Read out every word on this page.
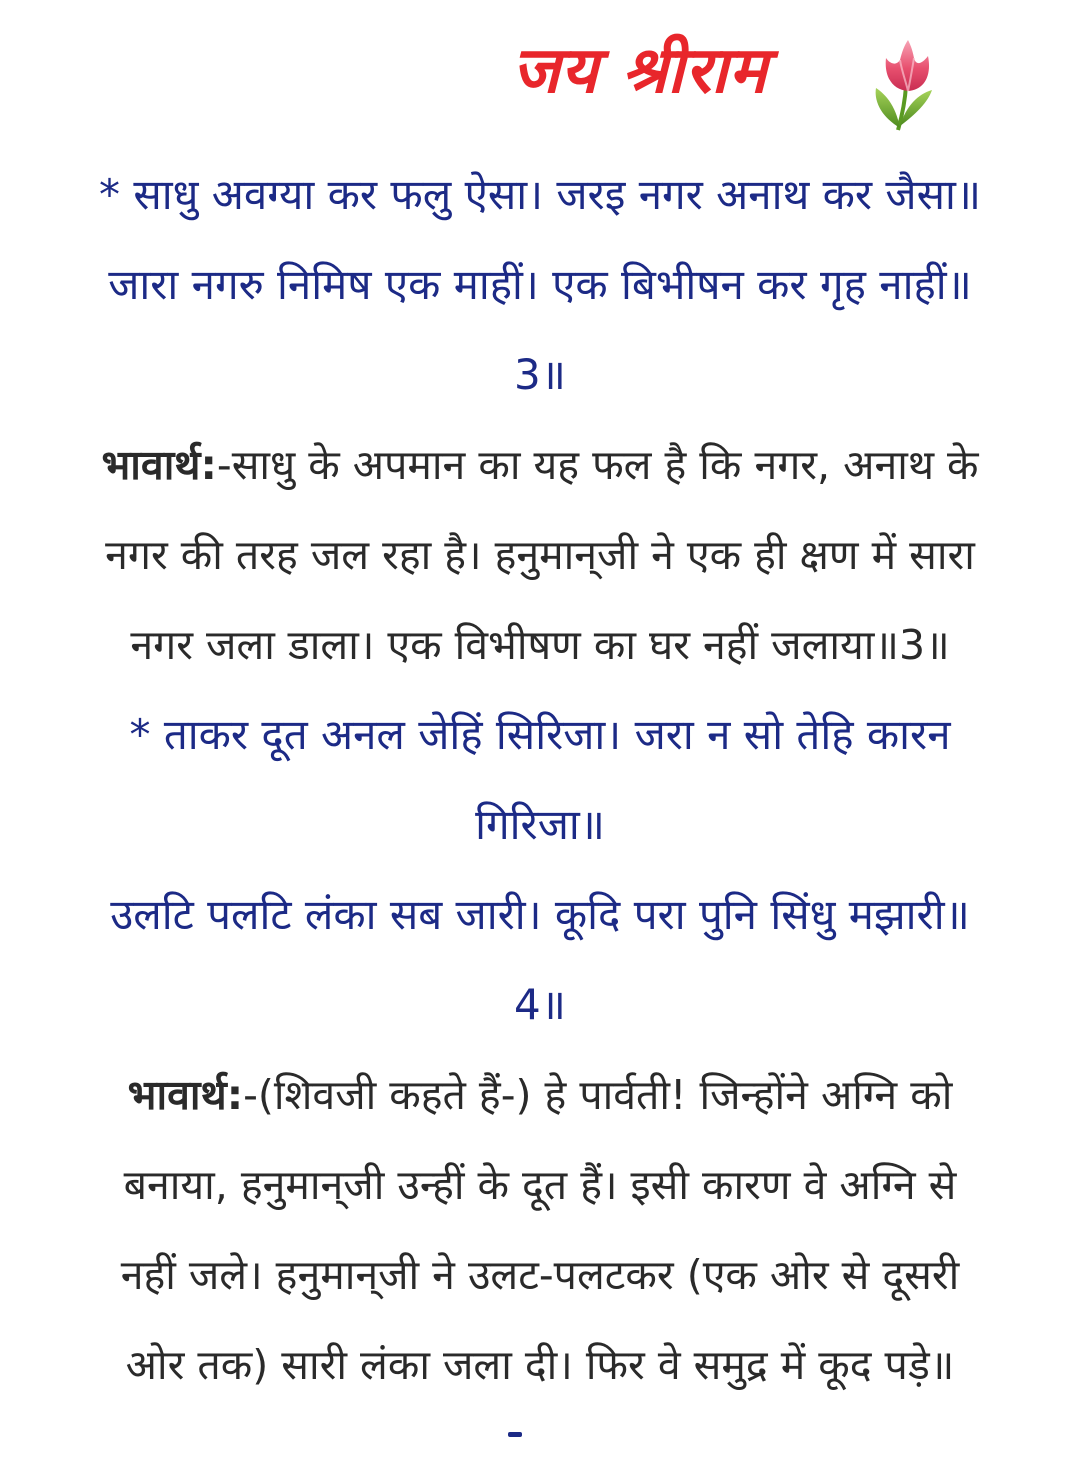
जय श्रीराम
* साधु अवग्या कर फलु ऐसा। जरइ नगर अनाथ कर जैसा॥
जारा नगरु निमिष एक माहीं। एक बिभीषन कर गृह नाहीं॥
3॥
भावार्थ:-साधु के अपमान का यह फल है कि नगर, अनाथ के
नगर की तरह जल रहा है। हनुमान्‌जी ने एक ही क्षण में सारा
नगर जला डाला। एक विभीषण का घर नहीं जलाया॥3॥
* ताकर दूत अनल जेहिं सिरिजा। जरा न सो तेहि कारन
गिरिजा॥
उलटि पलटि लंका सब जारी। कूदि परा पुनि सिंधु मझारी॥
4॥
भावार्थ:-(शिवजी कहते हैं-) हे पार्वती! जिन्होंने अग्नि को
बनाया, हनुमान्‌जी उन्हीं के दूत हैं। इसी कारण वे अग्नि से
नहीं जले। हनुमान्‌जी ने उलट-पलटकर (एक ओर से दूसरी
ओर तक) सारी लंका जला दी। फिर वे समुद्र में कूद पड़े॥
